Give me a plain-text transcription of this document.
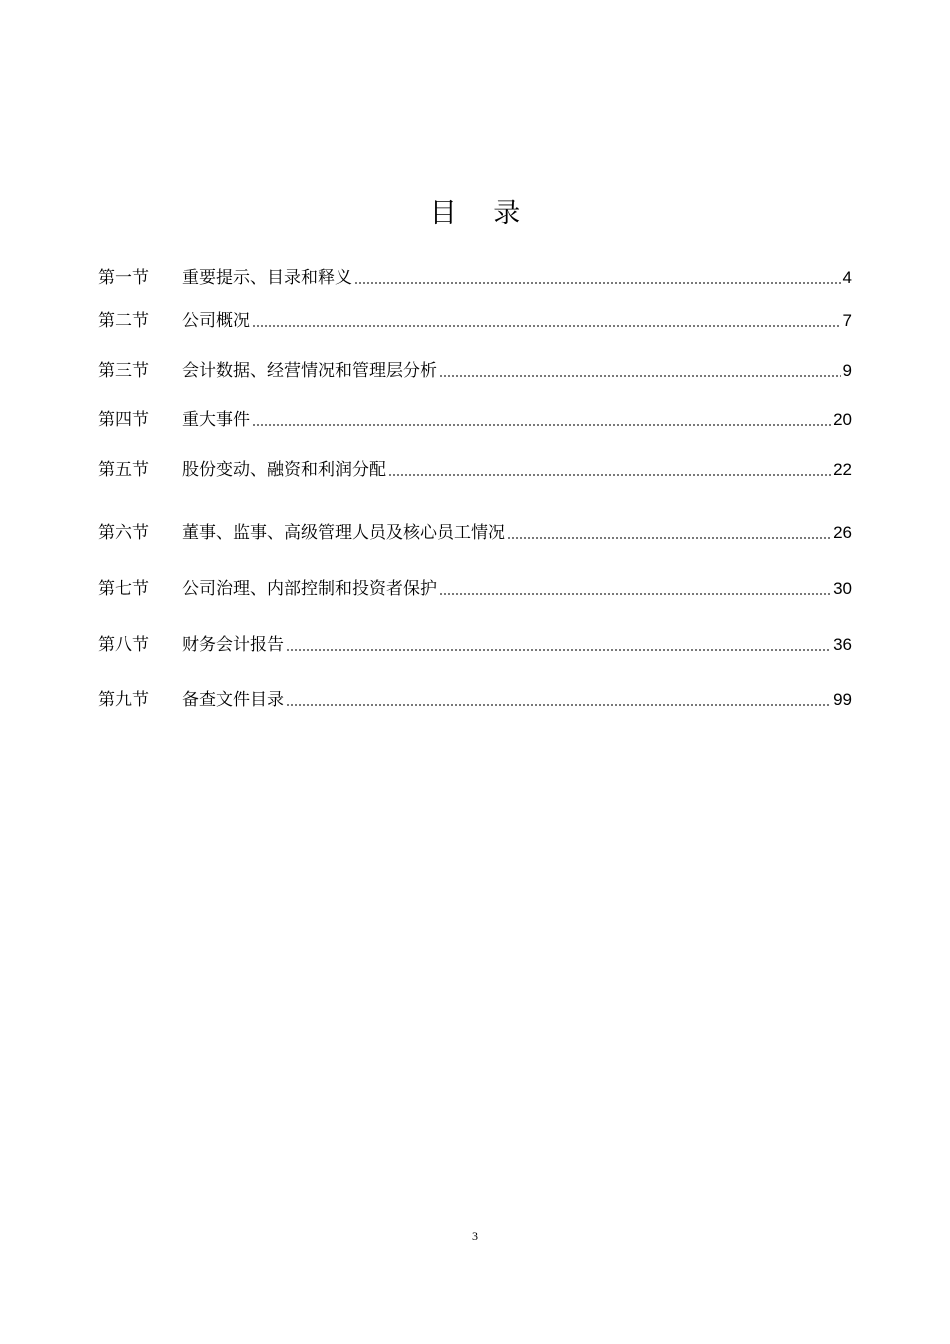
目 录
第一节	重要提示、目录和释义	4
第二节	公司概况	7
第三节	会计数据、经营情况和管理层分析	9
第四节	重大事件	20
第五节	股份变动、融资和利润分配	22
第六节	董事、监事、高级管理人员及核心员工情况	26
第七节	公司治理、内部控制和投资者保护	30
第八节	财务会计报告	36
第九节	备查文件目录	99
3
